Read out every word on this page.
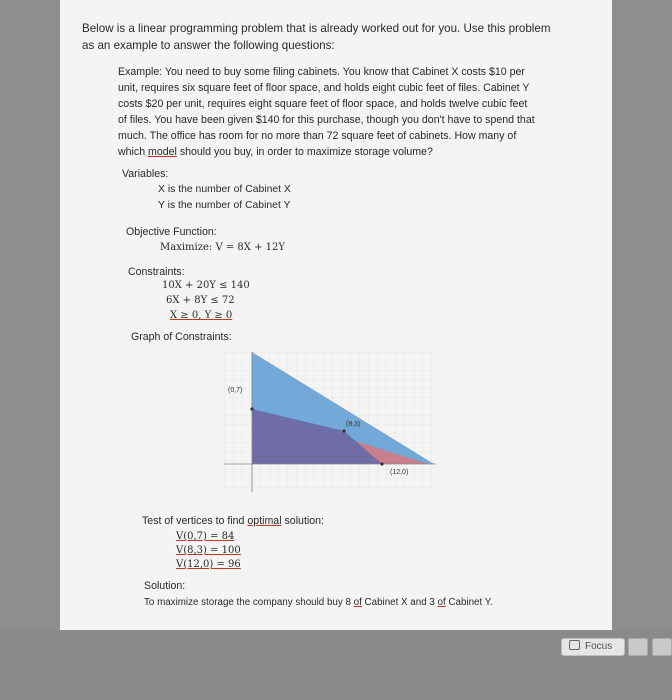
Below is a linear programming problem that is already worked out for you. Use this problem as an example to answer the following questions:
Example: You need to buy some filing cabinets. You know that Cabinet X costs $10 per unit, requires six square feet of floor space, and holds eight cubic feet of files. Cabinet Y costs $20 per unit, requires eight square feet of floor space, and holds twelve cubic feet of files. You have been given $140 for this purchase, though you don't have to spend that much. The office has room for no more than 72 square feet of cabinets. How many of which model should you buy, in order to maximize storage volume?
Variables:
X is the number of Cabinet X
Y is the number of Cabinet Y
Objective Function:
Maximize: V = 8X + 12Y
Constraints:
10X + 20Y ≤ 140
6X + 8Y ≤ 72
X ≥ 0, Y ≥ 0
Graph of Constraints:
(0,7)
(8,3)
(12,0)
Test of vertices to find optimal solution:
V(0,7) = 84
V(8,3) = 100
V(12,0) = 96
Solution:
To maximize storage the company should buy 8 of Cabinet X and 3 of Cabinet Y.
Focus
